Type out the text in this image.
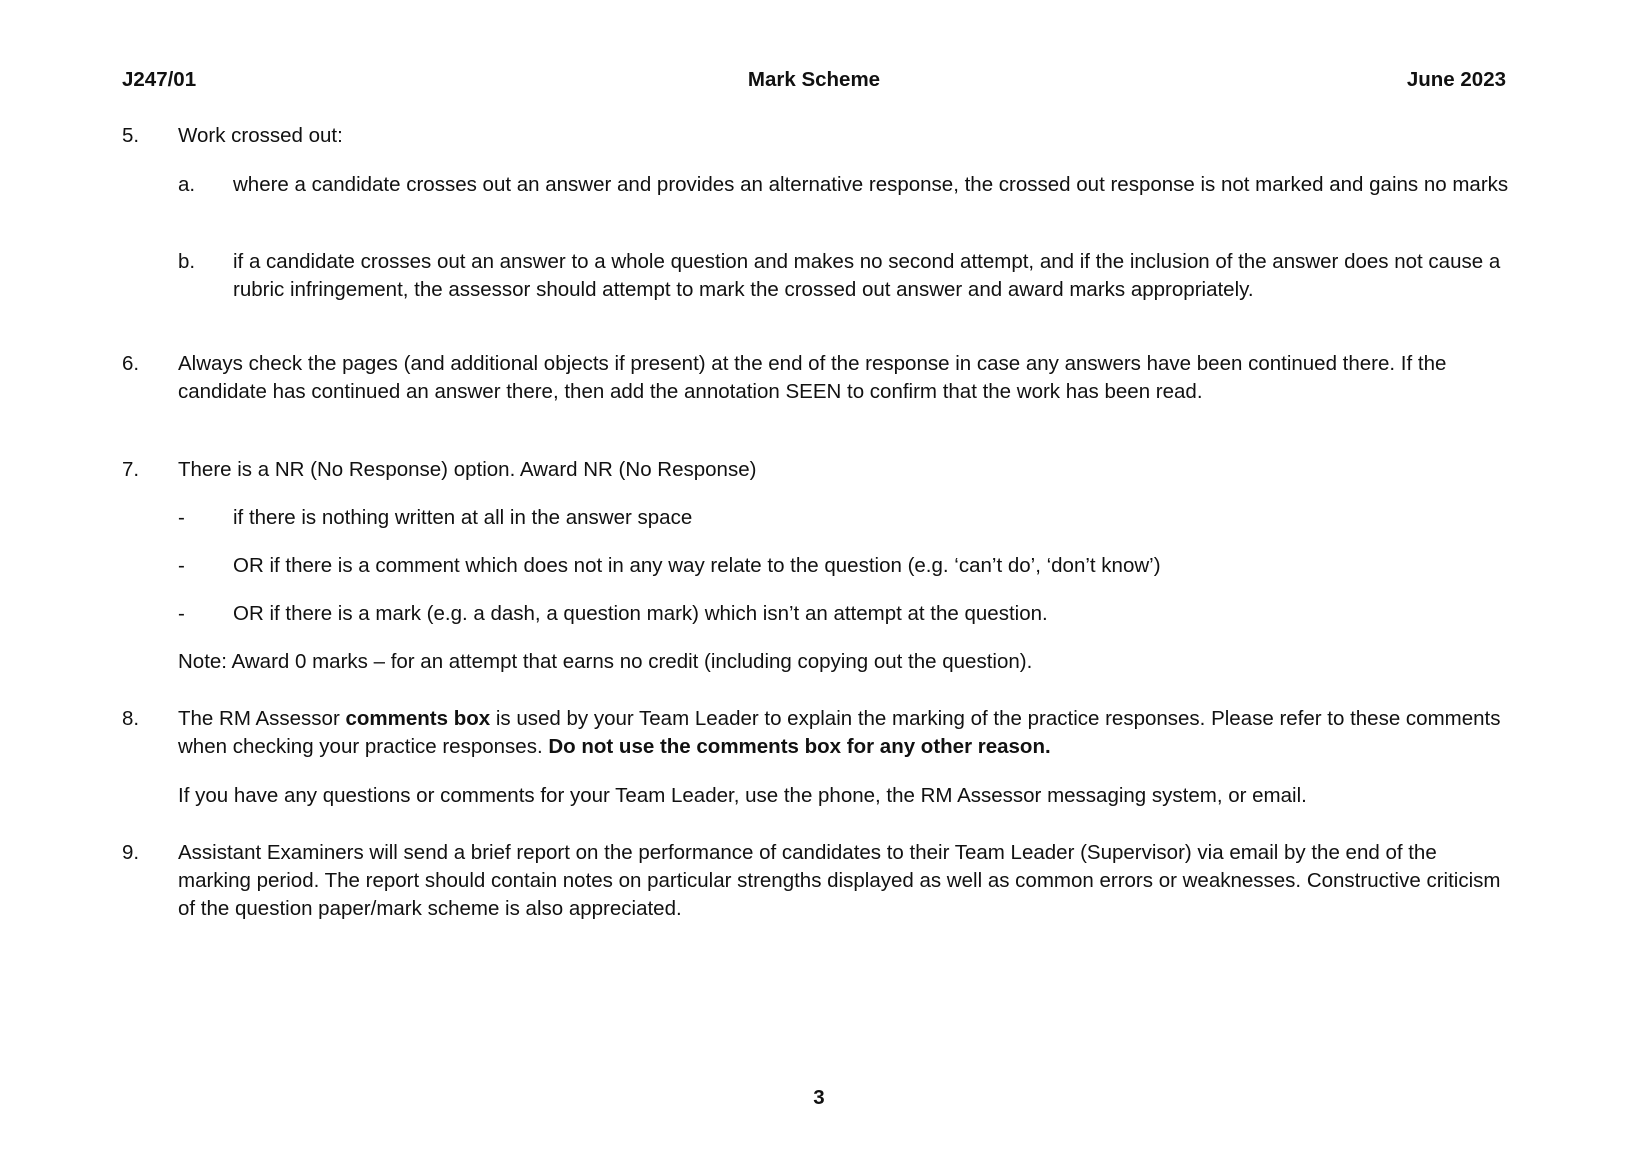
J247/01	Mark Scheme	June 2023
5. Work crossed out:
a. where a candidate crosses out an answer and provides an alternative response, the crossed out response is not marked and gains no marks
b. if a candidate crosses out an answer to a whole question and makes no second attempt, and if the inclusion of the answer does not cause a rubric infringement, the assessor should attempt to mark the crossed out answer and award marks appropriately.
6. Always check the pages (and additional objects if present) at the end of the response in case any answers have been continued there. If the candidate has continued an answer there, then add the annotation SEEN to confirm that the work has been read.
7. There is a NR (No Response) option. Award NR (No Response)
- if there is nothing written at all in the answer space
- OR if there is a comment which does not in any way relate to the question (e.g. ‘can’t do’, ‘don’t know’)
- OR if there is a mark (e.g. a dash, a question mark) which isn’t an attempt at the question.
Note: Award 0 marks – for an attempt that earns no credit (including copying out the question).
8. The RM Assessor comments box is used by your Team Leader to explain the marking of the practice responses. Please refer to these comments when checking your practice responses. Do not use the comments box for any other reason.
If you have any questions or comments for your Team Leader, use the phone, the RM Assessor messaging system, or email.
9. Assistant Examiners will send a brief report on the performance of candidates to their Team Leader (Supervisor) via email by the end of the marking period. The report should contain notes on particular strengths displayed as well as common errors or weaknesses. Constructive criticism of the question paper/mark scheme is also appreciated.
3
